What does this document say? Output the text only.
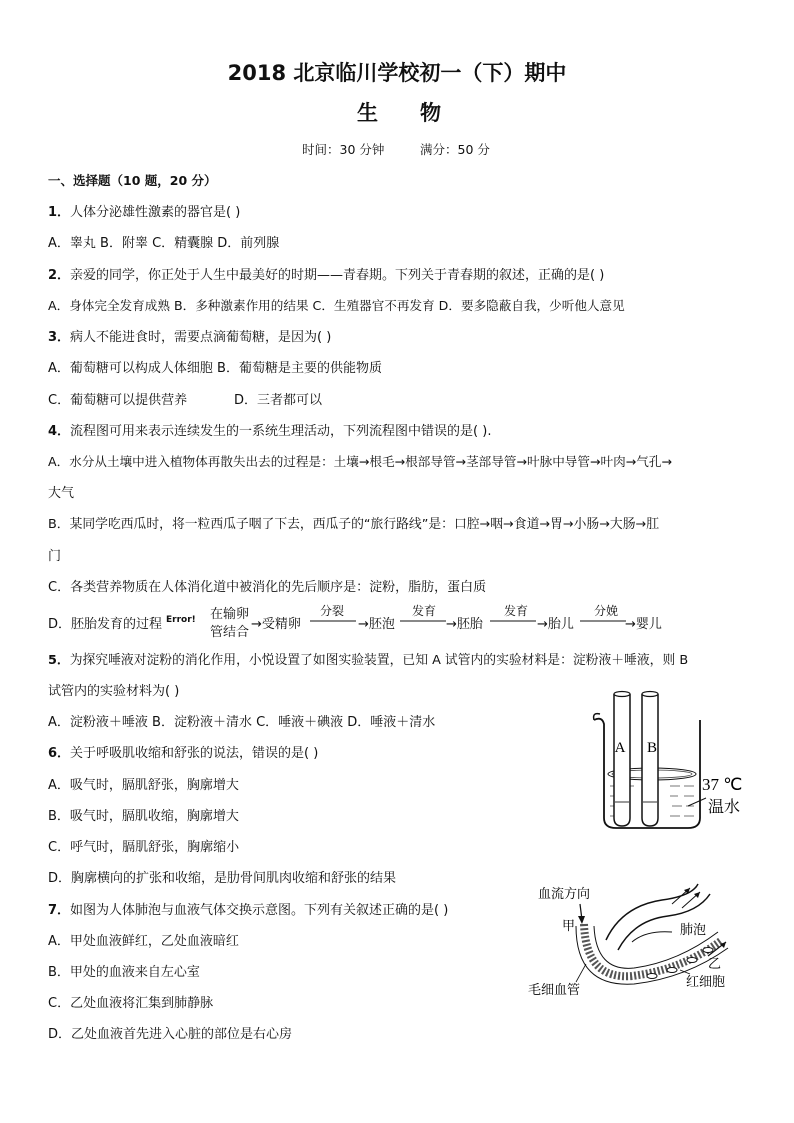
2018 北京临川学校初一（下）期中
生 物
时间：30 分钟	满分：50 分
一、选择题（10 题，20 分）
1．人体分泌雄性激素的器官是( )
A．睾丸 B．附睾 C．精囊腺 D．前列腺
2．亲爱的同学，你正处于人生中最美好的时期——青春期。下列关于青春期的叙述，正确的是( )
A．身体完全发育成熟 B．多种激素作用的结果 C．生殖器官不再发育 D．要多隐蔽自我，少听他人意见
3．病人不能进食时，需要点滴葡萄糖，是因为( )
A．葡萄糖可以构成人体细胞 B．葡萄糖是主要的供能物质
C．葡萄糖可以提供营养	D．三者都可以
4．流程图可用来表示连续发生的一系统生理活动，下列流程图中错误的是( ).
A．水分从土壤中进入植物体再散失出去的过程是：土壤→根毛→根部导管→茎部导管→叶脉中导管→叶肉→气孔→
大气
B．某同学吃西瓜时，将一粒西瓜子咽了下去，西瓜子的“旅行路线”是：口腔→咽→食道→胃→小肠→大肠→肛
门
C．各类营养物质在人体消化道中被消化的先后顺序是：淀粉，脂肪，蛋白质
D．胚胎发育的过程 Error! 在输卵
管结合
→受精卵	→胚泡	→胚胎	→胎儿	→婴儿
分裂	发育	发育	分娩
5．为探究唾液对淀粉的消化作用，小悦设置了如图实验装置，已知 A 试管内的实验材料是：淀粉液＋唾液，则 B
试管内的实验材料为( )
A．淀粉液＋唾液 B．淀粉液＋清水 C．唾液＋碘液 D．唾液＋清水
A B
37 ℃
温水
6．关于呼吸肌收缩和舒张的说法，错误的是( )
A．吸气时，膈肌舒张，胸廓增大
B．吸气时，膈肌收缩，胸廓增大
C．呼气时，膈肌舒张，胸廓缩小
D．胸廓横向的扩张和收缩，是肋骨间肌肉收缩和舒张的结果
7．如图为人体肺泡与血液气体交换示意图。下列有关叙述正确的是( )
A．甲处血液鲜红，乙处血液暗红
B．甲处的血液来自左心室
C．乙处血液将汇集到肺静脉
D．乙处血液首先进入心脏的部位是右心房
血流方向
甲	肺泡
乙
红细胞
毛细血管
